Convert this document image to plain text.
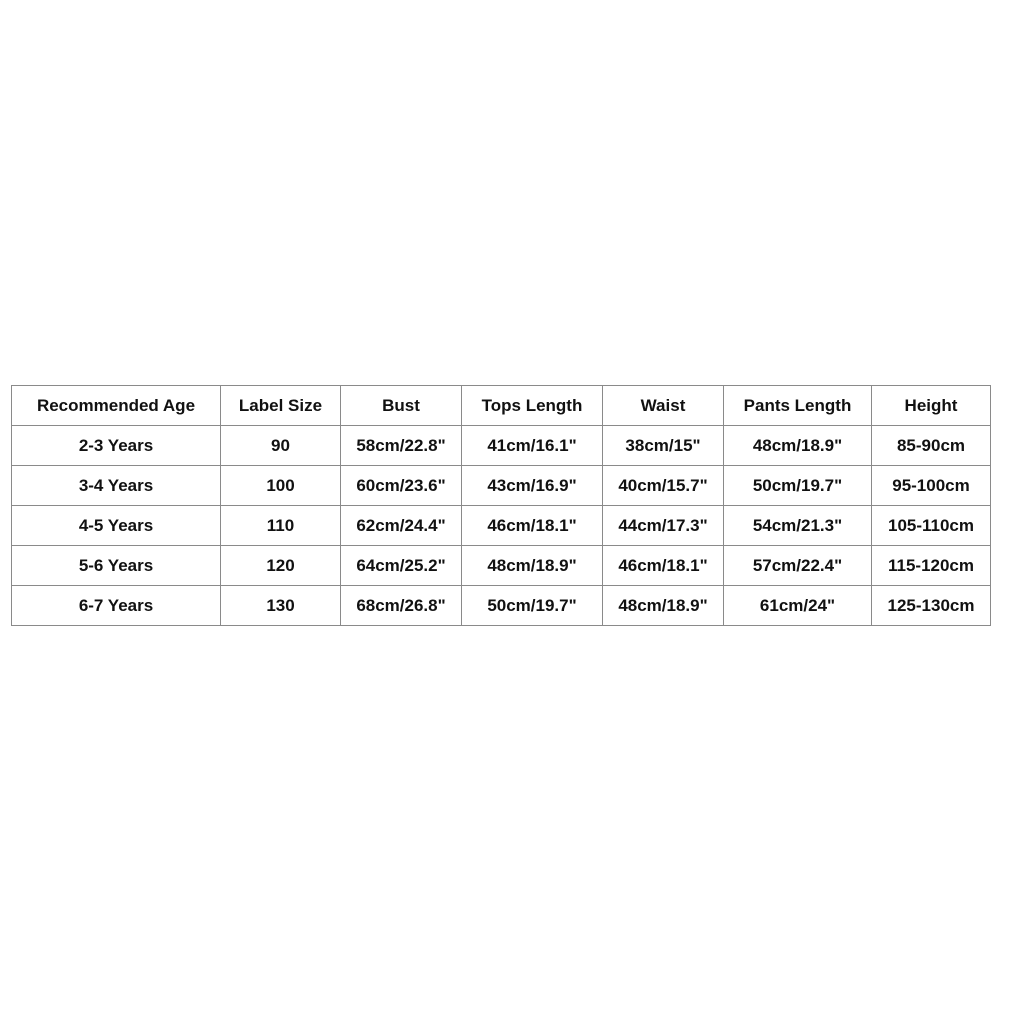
Recommended Age	Label Size	Bust	Tops Length	Waist	Pants Length	Height
2-3 Years	90	58cm/22.8"	41cm/16.1"	38cm/15"	48cm/18.9"	85-90cm
3-4 Years	100	60cm/23.6"	43cm/16.9"	40cm/15.7"	50cm/19.7"	95-100cm
4-5 Years	110	62cm/24.4"	46cm/18.1"	44cm/17.3"	54cm/21.3"	105-110cm
5-6 Years	120	64cm/25.2"	48cm/18.9"	46cm/18.1"	57cm/22.4"	115-120cm
6-7 Years	130	68cm/26.8"	50cm/19.7"	48cm/18.9"	61cm/24"	125-130cm
